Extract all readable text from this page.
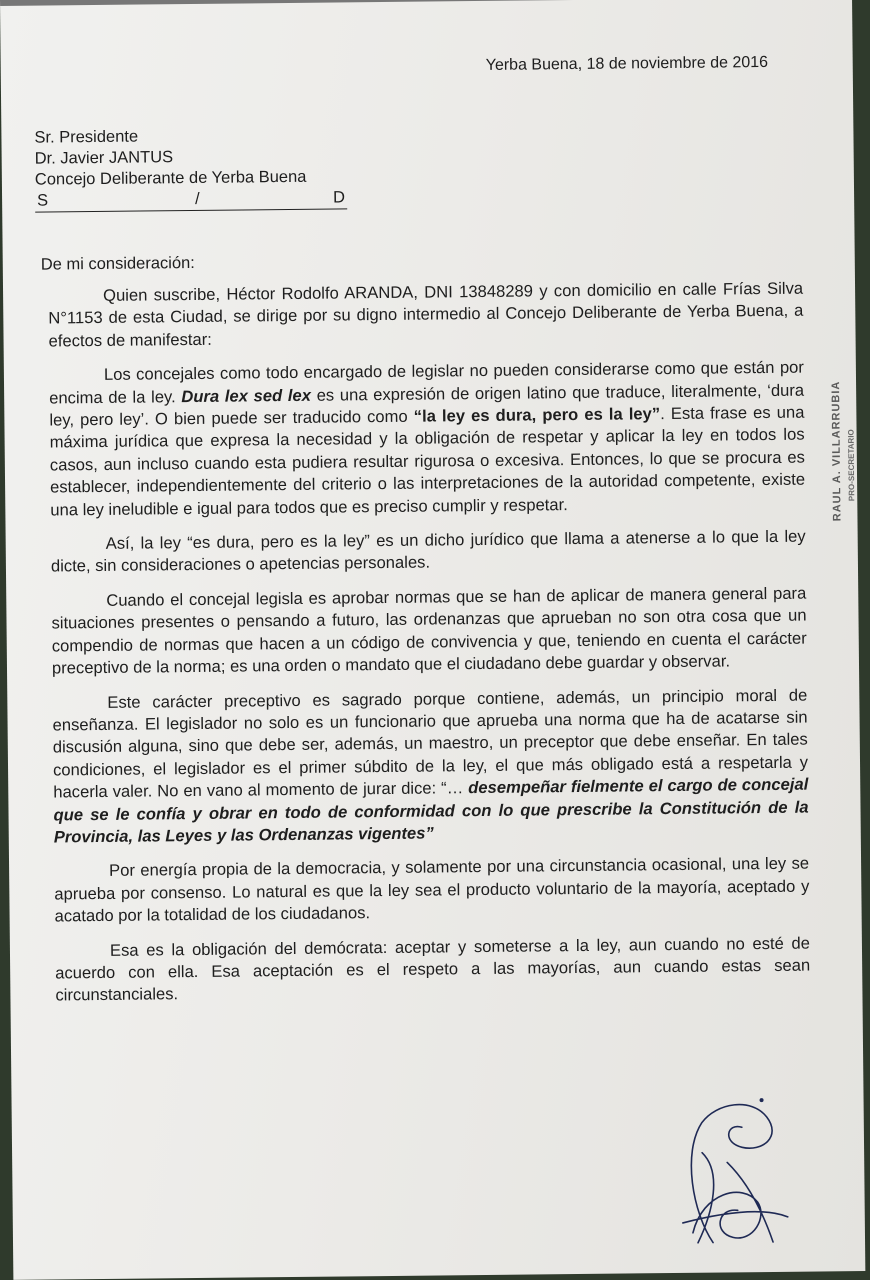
Yerba Buena, 18 de noviembre de 2016
Sr. Presidente
Dr. Javier JANTUS
Concejo Deliberante de Yerba Buena
S	/	D
De mi consideración:

Quien suscribe, Héctor Rodolfo ARANDA, DNI 13848289 y con domicilio en calle Frías Silva N°1153 de esta Ciudad, se dirige por su digno intermedio al Concejo Deliberante de Yerba Buena, a efectos de manifestar:

Los concejales como todo encargado de legislar no pueden considerarse como que están por encima de la ley. Dura lex sed lex es una expresión de origen latino que traduce, literalmente, ‘dura ley, pero ley’. O bien puede ser traducido como “la ley es dura, pero es la ley”. Esta frase es una máxima jurídica que expresa la necesidad y la obligación de respetar y aplicar la ley en todos los casos, aun incluso cuando esta pudiera resultar rigurosa o excesiva. Entonces, lo que se procura es establecer, independientemente del criterio o las interpretaciones de la autoridad competente, existe una ley ineludible e igual para todos que es preciso cumplir y respetar.

Así, la ley “es dura, pero es la ley” es un dicho jurídico que llama a atenerse a lo que la ley dicte, sin consideraciones o apetencias personales.

Cuando el concejal legisla es aprobar normas que se han de aplicar de manera general para situaciones presentes o pensando a futuro, las ordenanzas que aprueban no son otra cosa que un compendio de normas que hacen a un código de convivencia y que, teniendo en cuenta el carácter preceptivo de la norma; es una orden o mandato que el ciudadano debe guardar y observar.

Este carácter preceptivo es sagrado porque contiene, además, un principio moral de enseñanza. El legislador no solo es un funcionario que aprueba una norma que ha de acatarse sin discusión alguna, sino que debe ser, además, un maestro, un preceptor que debe enseñar. En tales condiciones, el legislador es el primer súbdito de la ley, el que más obligado está a respetarla y hacerla valer. No en vano al momento de jurar dice: “… desempeñar fielmente el cargo de concejal que se le confía y obrar en todo de conformidad con lo que prescribe la Constitución de la Provincia, las Leyes y las Ordenanzas vigentes”

Por energía propia de la democracia, y solamente por una circunstancia ocasional, una ley se aprueba por consenso. Lo natural es que la ley sea el producto voluntario de la mayoría, aceptado y acatado por la totalidad de los ciudadanos.

Esa es la obligación del demócrata: aceptar y someterse a la ley, aun cuando no esté de acuerdo con ella. Esa aceptación es el respeto a las mayorías, aun cuando estas sean circunstanciales.

RAUL A. VILLARRUBIA PRO-SECRETARIO
